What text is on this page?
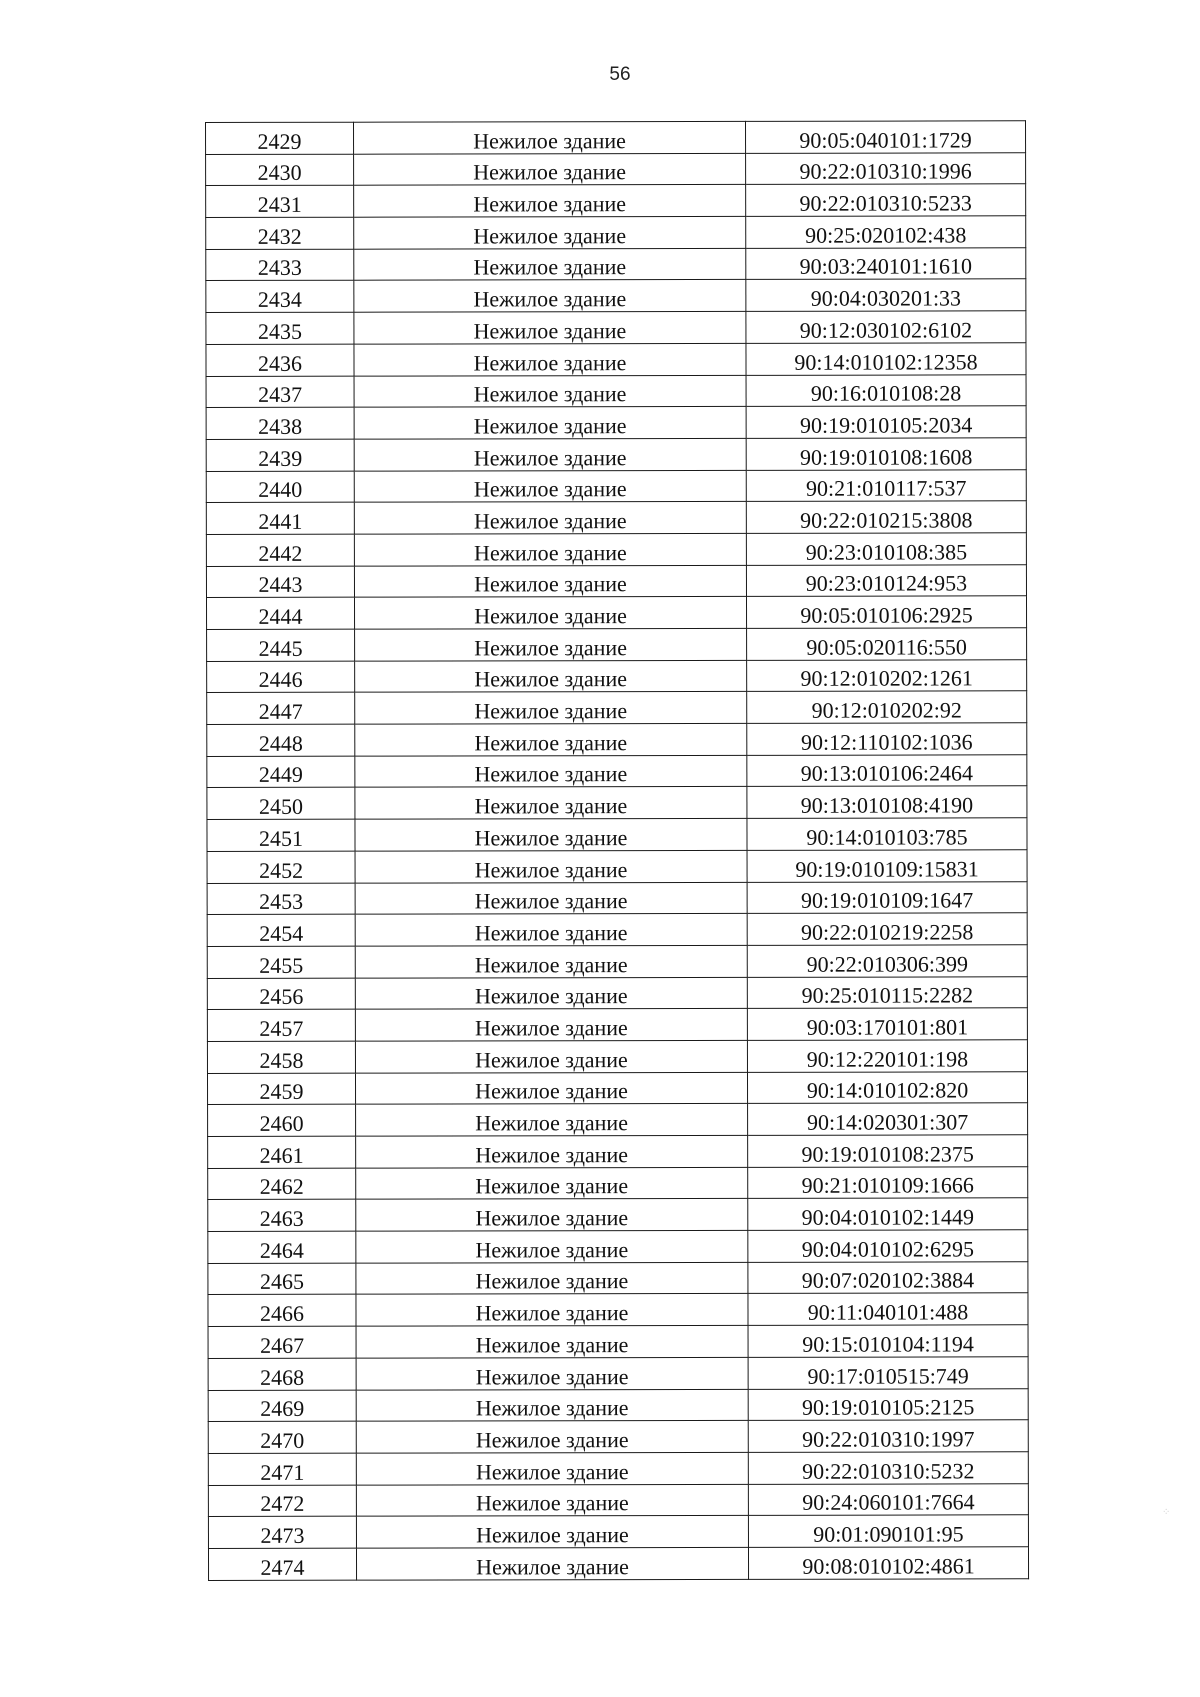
56
2429	Нежилое здание	90:05:040101:1729
2430	Нежилое здание	90:22:010310:1996
2431	Нежилое здание	90:22:010310:5233
2432	Нежилое здание	90:25:020102:438
2433	Нежилое здание	90:03:240101:1610
2434	Нежилое здание	90:04:030201:33
2435	Нежилое здание	90:12:030102:6102
2436	Нежилое здание	90:14:010102:12358
2437	Нежилое здание	90:16:010108:28
2438	Нежилое здание	90:19:010105:2034
2439	Нежилое здание	90:19:010108:1608
2440	Нежилое здание	90:21:010117:537
2441	Нежилое здание	90:22:010215:3808
2442	Нежилое здание	90:23:010108:385
2443	Нежилое здание	90:23:010124:953
2444	Нежилое здание	90:05:010106:2925
2445	Нежилое здание	90:05:020116:550
2446	Нежилое здание	90:12:010202:1261
2447	Нежилое здание	90:12:010202:92
2448	Нежилое здание	90:12:110102:1036
2449	Нежилое здание	90:13:010106:2464
2450	Нежилое здание	90:13:010108:4190
2451	Нежилое здание	90:14:010103:785
2452	Нежилое здание	90:19:010109:15831
2453	Нежилое здание	90:19:010109:1647
2454	Нежилое здание	90:22:010219:2258
2455	Нежилое здание	90:22:010306:399
2456	Нежилое здание	90:25:010115:2282
2457	Нежилое здание	90:03:170101:801
2458	Нежилое здание	90:12:220101:198
2459	Нежилое здание	90:14:010102:820
2460	Нежилое здание	90:14:020301:307
2461	Нежилое здание	90:19:010108:2375
2462	Нежилое здание	90:21:010109:1666
2463	Нежилое здание	90:04:010102:1449
2464	Нежилое здание	90:04:010102:6295
2465	Нежилое здание	90:07:020102:3884
2466	Нежилое здание	90:11:040101:488
2467	Нежилое здание	90:15:010104:1194
2468	Нежилое здание	90:17:010515:749
2469	Нежилое здание	90:19:010105:2125
2470	Нежилое здание	90:22:010310:1997
2471	Нежилое здание	90:22:010310:5232
2472	Нежилое здание	90:24:060101:7664
2473	Нежилое здание	90:01:090101:95
2474	Нежилое здание	90:08:010102:4861
⁘
